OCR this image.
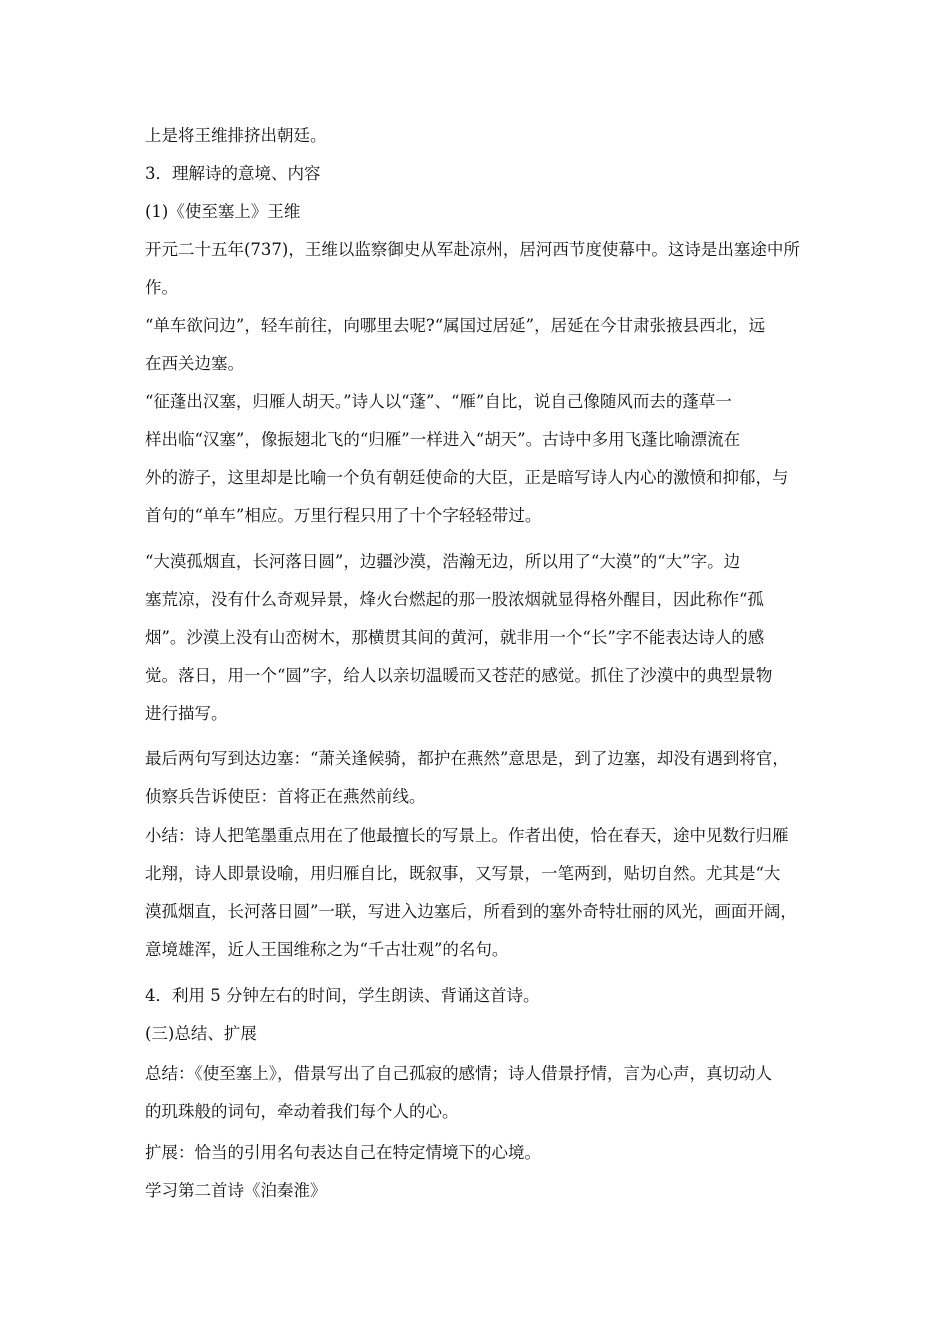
上是将王维排挤出朝廷。

3．理解诗的意境、内容

(1)《使至塞上》王维

开元二十五年(737)，王维以监察御史从军赴凉州，居河西节度使幕中。这诗是出塞途中所
作。

“单车欲问边”，轻车前往，向哪里去呢?“属国过居延”，居延在今甘肃张掖县西北，远
在西关边塞。

“征蓬出汉塞，归雁人胡天。”诗人以“蓬”、“雁”自比，说自己像随风而去的蓬草一
样出临“汉塞”，像振翅北飞的“归雁”一样进入“胡天”。古诗中多用飞蓬比喻漂流在
外的游子，这里却是比喻一个负有朝廷使命的大臣，正是暗写诗人内心的激愤和抑郁，与
首句的“单车”相应。万里行程只用了十个字轻轻带过。

“大漠孤烟直，长河落日圆”，边疆沙漠，浩瀚无边，所以用了“大漠”的“大”字。边
塞荒凉，没有什么奇观异景，烽火台燃起的那一股浓烟就显得格外醒目，因此称作“孤
烟”。沙漠上没有山峦树木，那横贯其间的黄河，就非用一个“长”字不能表达诗人的感
觉。落日，用一个“圆”字，给人以亲切温暖而又苍茫的感觉。抓住了沙漠中的典型景物
进行描写。

最后两句写到达边塞：“萧关逢候骑，都护在燕然”意思是，到了边塞，却没有遇到将官，
侦察兵告诉使臣：首将正在燕然前线。

小结：诗人把笔墨重点用在了他最擅长的写景上。作者出使，恰在春天，途中见数行归雁
北翔，诗人即景设喻，用归雁自比，既叙事，又写景，一笔两到，贴切自然。尤其是“大
漠孤烟直，长河落日圆”一联，写进入边塞后，所看到的塞外奇特壮丽的风光，画面开阔，
意境雄浑，近人王国维称之为“千古壮观”的名句。

4．利用 5 分钟左右的时间，学生朗读、背诵这首诗。

(三)总结、扩展

总结：《使至塞上》，借景写出了自己孤寂的感情；诗人借景抒情，言为心声，真切动人
的玑珠般的词句，牵动着我们每个人的心。

扩展：恰当的引用名句表达自己在特定情境下的心境。

学习第二首诗《泊秦淮》
